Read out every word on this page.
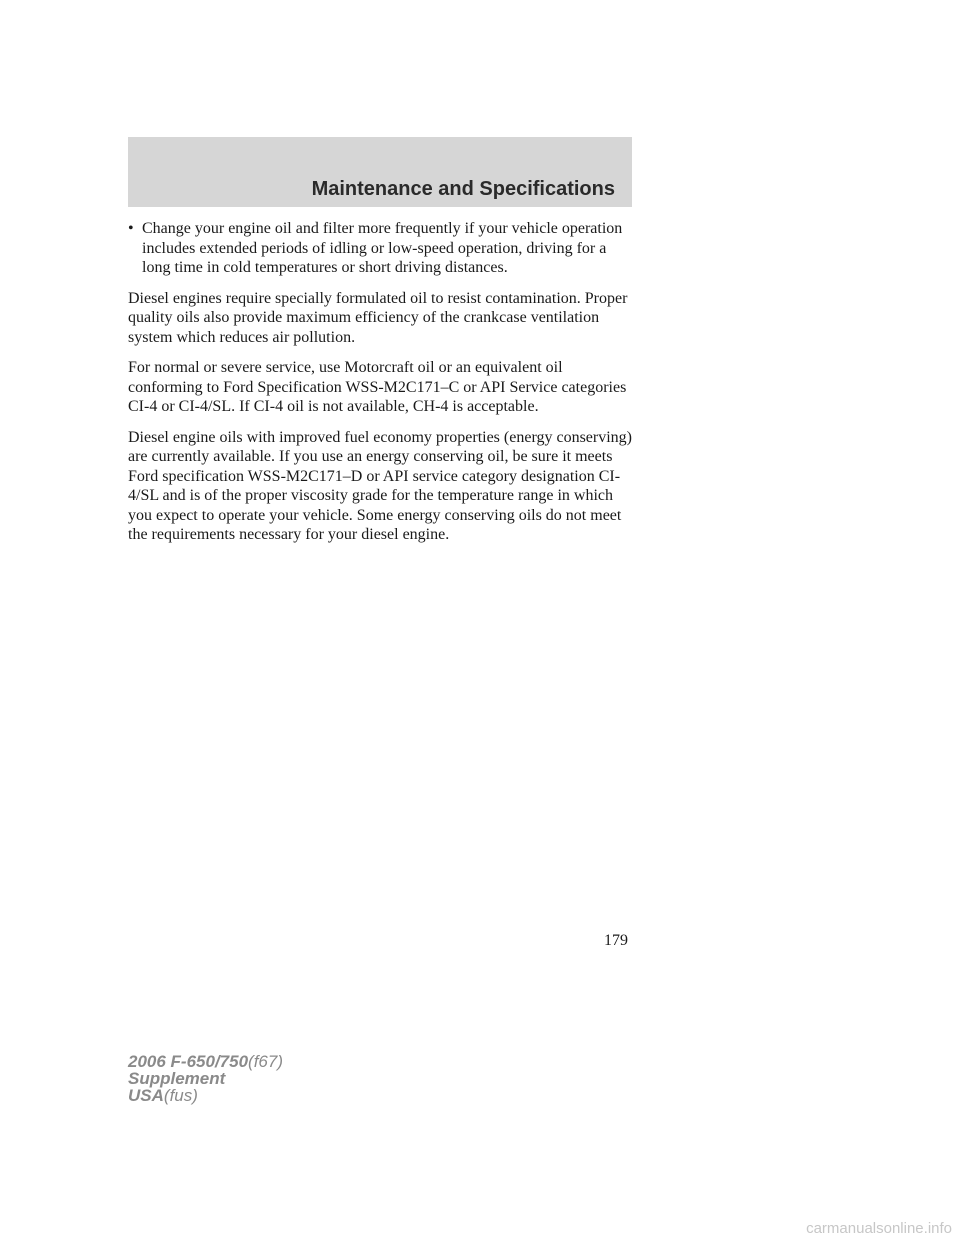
Maintenance and Specifications
• Change your engine oil and filter more frequently if your vehicle operation includes extended periods of idling or low-speed operation, driving for a long time in cold temperatures or short driving distances.

Diesel engines require specially formulated oil to resist contamination. Proper quality oils also provide maximum efficiency of the crankcase ventilation system which reduces air pollution.

For normal or severe service, use Motorcraft oil or an equivalent oil conforming to Ford Specification WSS-M2C171–C or API Service categories CI-4 or CI-4/SL. If CI-4 oil is not available, CH-4 is acceptable.

Diesel engine oils with improved fuel economy properties (energy conserving) are currently available. If you use an energy conserving oil, be sure it meets Ford specification WSS-M2C171–D or API service category designation CI-4/SL and is of the proper viscosity grade for the temperature range in which you expect to operate your vehicle. Some energy conserving oils do not meet the requirements necessary for your diesel engine.

179
2006 F-650/750(f67)
Supplement
USA(fus)
carmanualsonline.info
